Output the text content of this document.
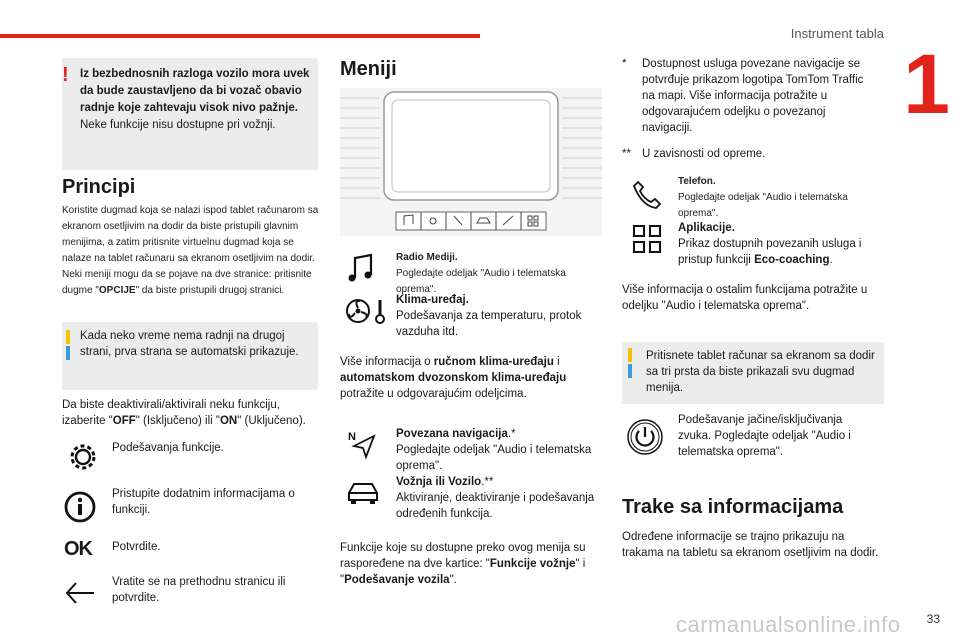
Instrument tabla
1
! Iz bezbednosnih razloga vozilo mora uvek da bude zaustavljeno da bi vozač obavio radnje koje zahtevaju visok nivo pažnje.
Neke funkcije nisu dostupne pri vožnji.
Principi
Koristite dugmad koja se nalazi ispod tablet računarom sa ekranom osetljivim na dodir da biste pristupili glavnim menijima, a zatim pritisnite virtuelnu dugmad koja se nalaze na tablet računaru sa ekranom osetljivim na dodir.
Neki meniji mogu da se pojave na dve stranice: pritisnite dugme "OPCIJE" da biste pristupili drugoj stranici.
Kada neko vreme nema radnji na drugoj strani, prva strana se automatski prikazuje.
Da biste deaktivirali/aktivirali neku funkciju, izaberite "OFF" (Isključeno) ili "ON" (Uključeno).
Podešavanja funkcije.
Pristupite dodatnim informacijama o funkciji.
OK Potvrdite.
Vratite se na prethodnu stranicu ili potvrdite.
Meniji
Radio Mediji.
Pogledajte odeljak "Audio i telematska oprema".
Klima-uređaj.
Podešavanja za temperaturu, protok vazduha itd.
Više informacija o ručnom klima-uređaju i automatskom dvozonskom klima-uređaju potražite u odgovarajućim odeljcima.
N	Povezana navigacija.*
Pogledajte odeljak "Audio i telematska oprema".
Vožnja ili Vozilo.**
Aktiviranje, deaktiviranje i podešavanja određenih funkcija.
Funkcije koje su dostupne preko ovog menija su raspoređene na dve kartice: "Funkcije vožnje" i "Podešavanje vozila".
* Dostupnost usluga povezane navigacije se potvrđuje prikazom logotipa TomTom Traffic na mapi. Više informacija potražite u odgovarajućem odeljku o povezanoj navigaciji.
** U zavisnosti od opreme.
Telefon.
Pogledajte odeljak "Audio i telematska oprema".
Aplikacije.
Prikaz dostupnih povezanih usluga i pristup funkciji Eco-coaching.
Više informacija o ostalim funkcijama potražite u odeljku "Audio i telematska oprema".
Pritisnete tablet računar sa ekranom sa dodir sa tri prsta da biste prikazali svu dugmad menija.
Podešavanje jačine/isključivanja zvuka. Pogledajte odeljak "Audio i telematska oprema".
Trake sa informacijama
Određene informacije se trajno prikazuju na trakama na tabletu sa ekranom osetljivim na dodir.
33
carmanualsonline.info
